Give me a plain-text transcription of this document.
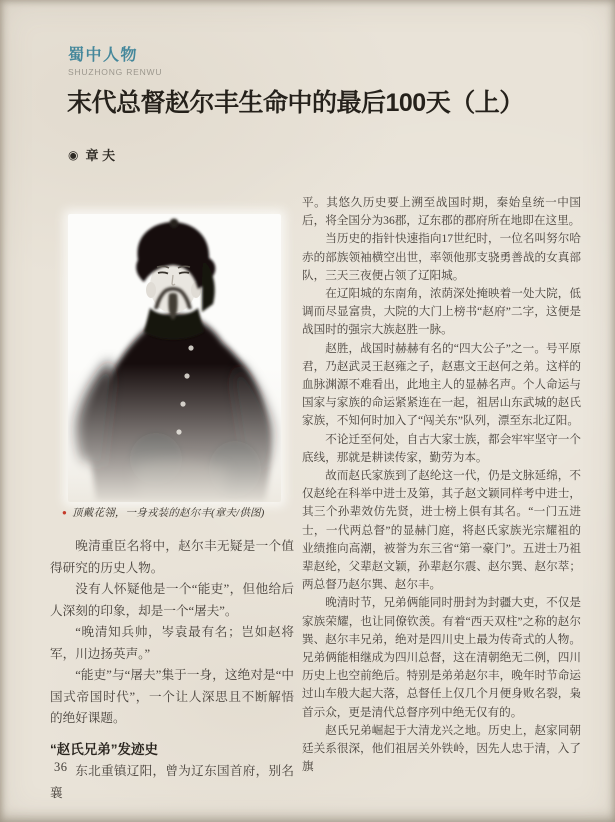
蜀中人物
SHUZHONG RENWU
末代总督赵尔丰生命中的最后100天（上）
◉ 章 夫
● 顶戴花翎，一身戎装的赵尔丰(章夫/供图)

晚清重臣名将中，赵尔丰无疑是一个值得研究的历史人物。

没有人怀疑他是一个“能吏”，但他给后人深刻的印象，却是一个“屠夫”。

“晚清知兵帅，岑袁最有名；岂如赵将军，川边扬英声。”

“能吏”与“屠夫”集于一身，这绝对是“中国式帝国时代”，一个让人深思且不断解悟的绝好课题。

“赵氏兄弟”发迹史

东北重镇辽阳，曾为辽东国首府，别名襄

平。其悠久历史要上溯至战国时期，秦始皇统一中国后，将全国分为36郡，辽东郡的郡府所在地即在这里。

当历史的指针快速指向17世纪时，一位名叫努尔哈赤的部族领袖横空出世，率领他那支骁勇善战的女真部队，三天三夜便占领了辽阳城。

在辽阳城的东南角，浓荫深处掩映着一处大院，低调而尽显富贵，大院的大门上榜书“赵府”二字，这便是战国时的强宗大族赵胜一脉。

赵胜，战国时赫赫有名的“四大公子”之一。号平原君，乃赵武灵王赵雍之子，赵惠文王赵何之弟。这样的血脉渊源不难看出，此地主人的显赫名声。个人命运与国家与家族的命运紧紧连在一起，祖居山东武城的赵氏家族，不知何时加入了“闯关东”队列，漂至东北辽阳。

不论迁至何处，自古大家士族，都会牢牢坚守一个底线，那就是耕读传家，勤劳为本。

故而赵氏家族到了赵纶这一代，仍是文脉延绵，不仅赵纶在科举中进士及第，其子赵文颖同样考中进士，其三个孙辈效仿先贤，进士榜上俱有其名。“一门五进士，一代两总督”的显赫门庭，将赵氏家族光宗耀祖的业绩推向高潮，被誉为东三省“第一豪门”。五进士乃祖辈赵纶，父辈赵文颖，孙辈赵尔震、赵尔巽、赵尔萃；两总督乃赵尔巽、赵尔丰。

晚清时节，兄弟俩能同时册封为封疆大吏，不仅是家族荣耀，也让同僚钦羡。有着“西天双柱”之称的赵尔巽、赵尔丰兄弟，绝对是四川史上最为传奇式的人物。兄弟俩能相继成为四川总督，这在清朝绝无二例，四川历史上也空前绝后。特别是弟弟赵尔丰，晚年时节命运过山车般大起大落，总督任上仅几个月便身败名裂，枭首示众，更是清代总督序列中绝无仅有的。

赵氏兄弟崛起于大清龙兴之地。历史上，赵家同朝廷关系很深，他们祖居关外铁岭，因先人忠于清，入了旗

36
